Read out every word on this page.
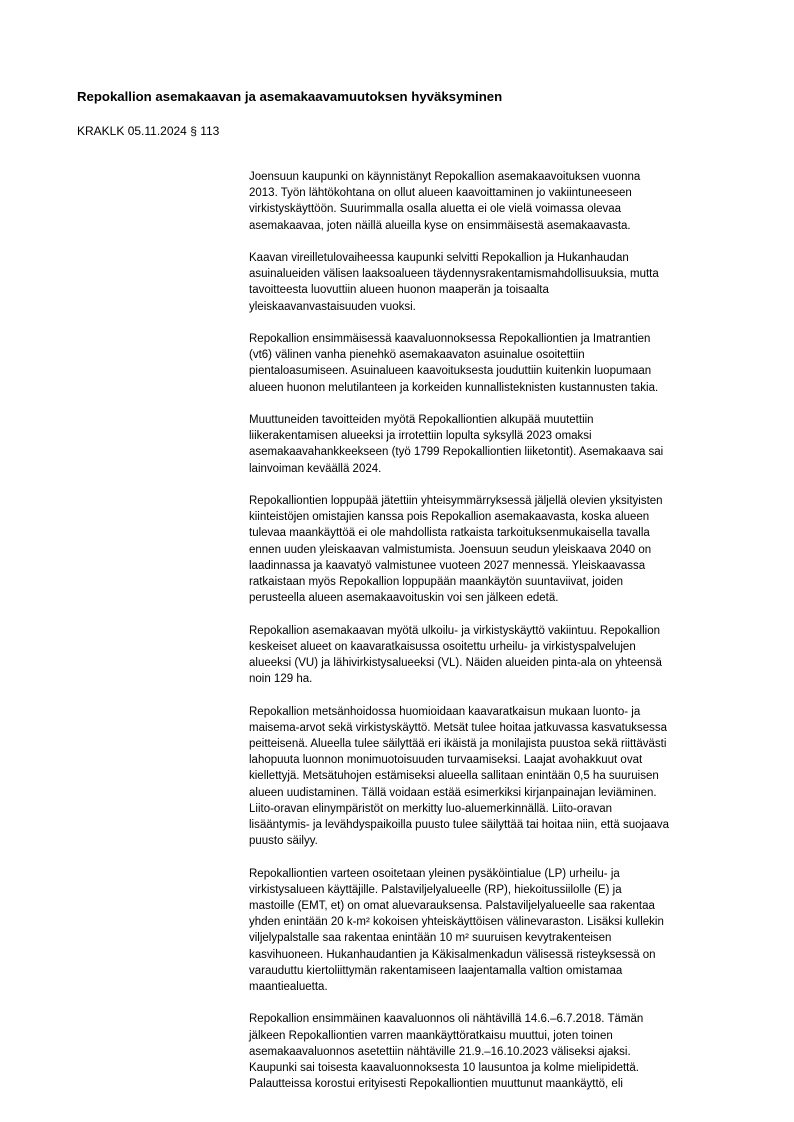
Repokallion asemakaavan ja asemakaavamuutoksen hyväksyminen

KRAKLK 05.11.2024 § 113

Joensuun kaupunki on käynnistänyt Repokallion asemakaavoituksen vuonna
2013. Työn lähtökohtana on ollut alueen kaavoittaminen jo vakiintuneeseen
virkistyskäyttöön. Suurimmalla osalla aluetta ei ole vielä voimassa olevaa
asemakaavaa, joten näillä alueilla kyse on ensimmäisestä asemakaavasta.
Kaavan vireilletulovaiheessa kaupunki selvitti Repokallion ja Hukanhaudan
asuinalueiden välisen laaksoalueen täydennysrakentamismahdollisuuksia, mutta
tavoitteesta luovuttiin alueen huonon maaperän ja toisaalta
yleiskaavanvastaisuuden vuoksi.
Repokallion ensimmäisessä kaavaluonnoksessa Repokalliontien ja Imatrantien
(vt6) välinen vanha pienehkö asemakaavaton asuinalue osoitettiin
pientaloasumiseen. Asuinalueen kaavoituksesta jouduttiin kuitenkin luopumaan
alueen huonon melutilanteen ja korkeiden kunnallisteknisten kustannusten takia.
Muuttuneiden tavoitteiden myötä Repokalliontien alkupää muutettiin
liikerakentamisen alueeksi ja irrotettiin lopulta syksyllä 2023 omaksi
asemakaavahankkeekseen (työ 1799 Repokalliontien liiketontit). Asemakaava sai
lainvoiman keväällä 2024.
Repokalliontien loppupää jätettiin yhteisymmärryksessä jäljellä olevien yksityisten
kiinteistöjen omistajien kanssa pois Repokallion asemakaavasta, koska alueen
tulevaa maankäyttöä ei ole mahdollista ratkaista tarkoituksenmukaisella tavalla
ennen uuden yleiskaavan valmistumista. Joensuun seudun yleiskaava 2040 on
laadinnassa ja kaavatyö valmistunee vuoteen 2027 mennessä. Yleiskaavassa
ratkaistaan myös Repokallion loppupään maankäytön suuntaviivat, joiden
perusteella alueen asemakaavoituskin voi sen jälkeen edetä.
Repokallion asemakaavan myötä ulkoilu- ja virkistyskäyttö vakiintuu. Repokallion
keskeiset alueet on kaavaratkaisussa osoitettu urheilu- ja virkistyspalvelujen
alueeksi (VU) ja lähivirkistysalueeksi (VL). Näiden alueiden pinta-ala on yhteensä
noin 129 ha.
Repokallion metsänhoidossa huomioidaan kaavaratkaisun mukaan luonto- ja
maisema-arvot sekä virkistyskäyttö. Metsät tulee hoitaa jatkuvassa kasvatuksessa
peitteisenä. Alueella tulee säilyttää eri ikäistä ja monilajista puustoa sekä riittävästi
lahopuuta luonnon monimuotoisuuden turvaamiseksi. Laajat avohakkuut ovat
kiellettyjä. Metsätuhojen estämiseksi alueella sallitaan enintään 0,5 ha suuruisen
alueen uudistaminen. Tällä voidaan estää esimerkiksi kirjanpainajan leviäminen.
Liito-oravan elinympäristöt on merkitty luo-aluemerkinnällä. Liito-oravan
lisääntymis- ja levähdyspaikoilla puusto tulee säilyttää tai hoitaa niin, että suojaava
puusto säilyy.
Repokalliontien varteen osoitetaan yleinen pysäköintialue (LP) urheilu- ja
virkistysalueen käyttäjille. Palstaviljelyalueelle (RP), hiekoitussiilolle (E) ja
mastoille (EMT, et) on omat aluevarauksensa. Palstaviljelyalueelle saa rakentaa
yhden enintään 20 k-m² kokoisen yhteiskäyttöisen välinevaraston. Lisäksi kullekin
viljelypalstalle saa rakentaa enintään 10 m² suuruisen kevytrakenteisen
kasvihuoneen. Hukanhaudantien ja Käkisalmenkadun välisessä risteyksessä on
varauduttu kiertoliittymän rakentamiseen laajentamalla valtion omistamaa
maantiealuetta.
Repokallion ensimmäinen kaavaluonnos oli nähtävillä 14.6.–6.7.2018. Tämän
jälkeen Repokalliontien varren maankäyttöratkaisu muuttui, joten toinen
asemakaavaluonnos asetettiin nähtäville 21.9.–16.10.2023 väliseksi ajaksi.
Kaupunki sai toisesta kaavaluonnoksesta 10 lausuntoa ja kolme mielipidettä.
Palautteissa korostui erityisesti Repokalliontien muuttunut maankäyttö, eli
